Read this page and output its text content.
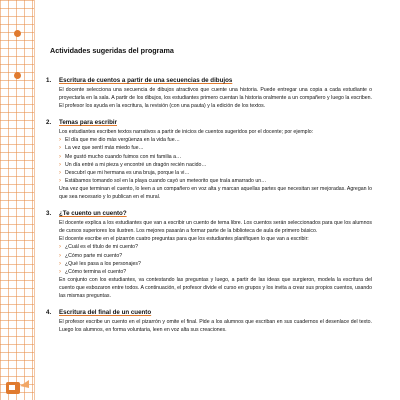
Actividades sugeridas del programa
1. Escritura de cuentos a partir de una secuencias de dibujos

El docente selecciona una secuencia de dibujos atractivos que cuente una historia. Puede entregar una copia a cada estudiante o proyectarla en la sala. A partir de los dibujos, los estudiantes primero cuentan la historia oralmente a un compañero y luego la escriben. El profesor los ayuda en la escritura, la revisión (con una pauta) y la edición de los textos.

2. Temas para escribir

Los estudiantes escriben textos narrativos a partir de inicios de cuentos sugeridos por el docente; por ejemplo:

› El día que me dio más vergüenza en la vida fue…
› La vez que sentí más miedo fue…
› Me gustó mucho cuando fuimos con mi familia a…
› Un día entré a mi pieza y encontré un dragón recién nacido…
› Descubrí que mi hermana es una bruja, porque la vi…
› Estábamos tomando sol en la playa cuando cayó un meteorito que traía amarrado un…

Una vez que terminan el cuento, lo leen a un compañero en voz alta y marcan aquellas partes que necesitan ser mejoradas. Agregan lo que sea necesario y lo publican en el mural.

3. ¿Te cuento un cuento?

El docente explica a los estudiantes que van a escribir un cuento de tema libre. Los cuentos serán seleccionados para que los alumnos de cursos superiores los ilustren. Los mejores pasarán a formar parte de la biblioteca de aula de primero básico.

El docente escribe en el pizarrón cuatro preguntas para que los estudiantes planifiquen lo que van a escribir:

› ¿Cuál es el título de mi cuento?
› ¿Cómo parte mi cuento?
› ¿Qué les pasa a los personajes?
› ¿Cómo termina el cuento?

En conjunto con los estudiantes, va contestando las preguntas y luego, a partir de las ideas que surgieron, modela la escritura del cuento que esbozaron entre todos. A continuación, el profesor divide el curso en grupos y los invita a crear sus propios cuentos, usando las mismas preguntas.

4. Escritura del final de un cuento

El profesor escribe un cuento en el pizarrón y omite el final. Pide a los alumnos que escriban en sus cuadernos el desenlace del texto. Luego los alumnos, en forma voluntaria, leen en voz alta sus creaciones.
